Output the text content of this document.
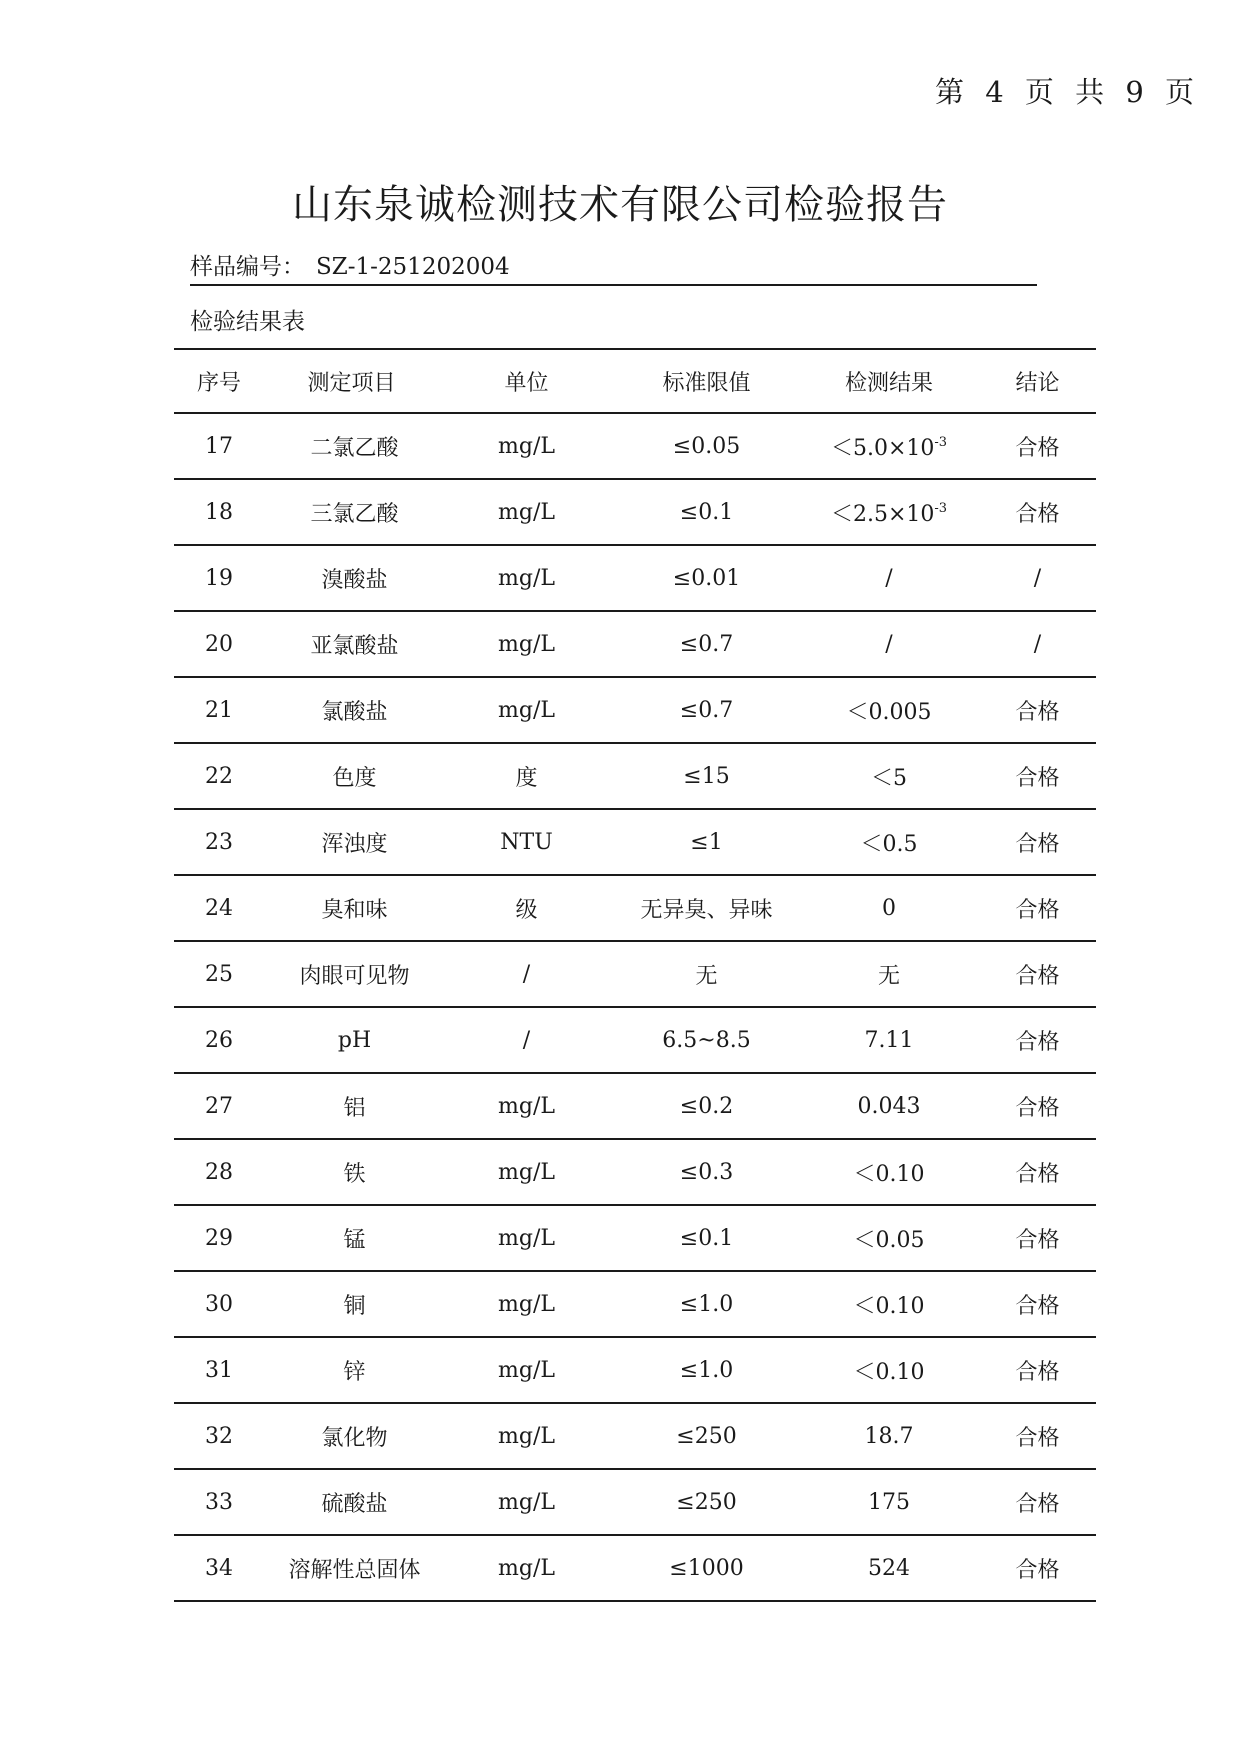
第 4 页 共 9 页
山东泉诚检测技术有限公司检验报告
样品编号： SZ-1-251202004
检验结果表
序号	测定项目	单位	标准限值	检测结果	结论
17	二氯乙酸	mg/L	≤0.05	$<5.0\times 10^{-3}$	合格
18	三氯乙酸	mg/L	≤0.1	$<2.5\times 10^{-3}$	合格
19	溴酸盐	mg/L	≤0.01	/	/
20	亚氯酸盐	mg/L	≤0.7	/	/
21	氯酸盐	mg/L	≤0.7	＜0.005	合格
22	色度	度	≤15	＜5	合格
23	浑浊度	NTU	≤1	＜0.5	合格
24	臭和味	级	无异臭、异味	0	合格
25	肉眼可见物	/	无	无	合格
26	pH	/	6.5~8.5	7.11	合格
27	铝	mg/L	≤0.2	0.043	合格
28	铁	mg/L	≤0.3	＜0.10	合格
29	锰	mg/L	≤0.1	＜0.05	合格
30	铜	mg/L	≤1.0	＜0.10	合格
31	锌	mg/L	≤1.0	＜0.10	合格
32	氯化物	mg/L	≤250	18.7	合格
33	硫酸盐	mg/L	≤250	175	合格
34	溶解性总固体	mg/L	≤1000	524	合格
